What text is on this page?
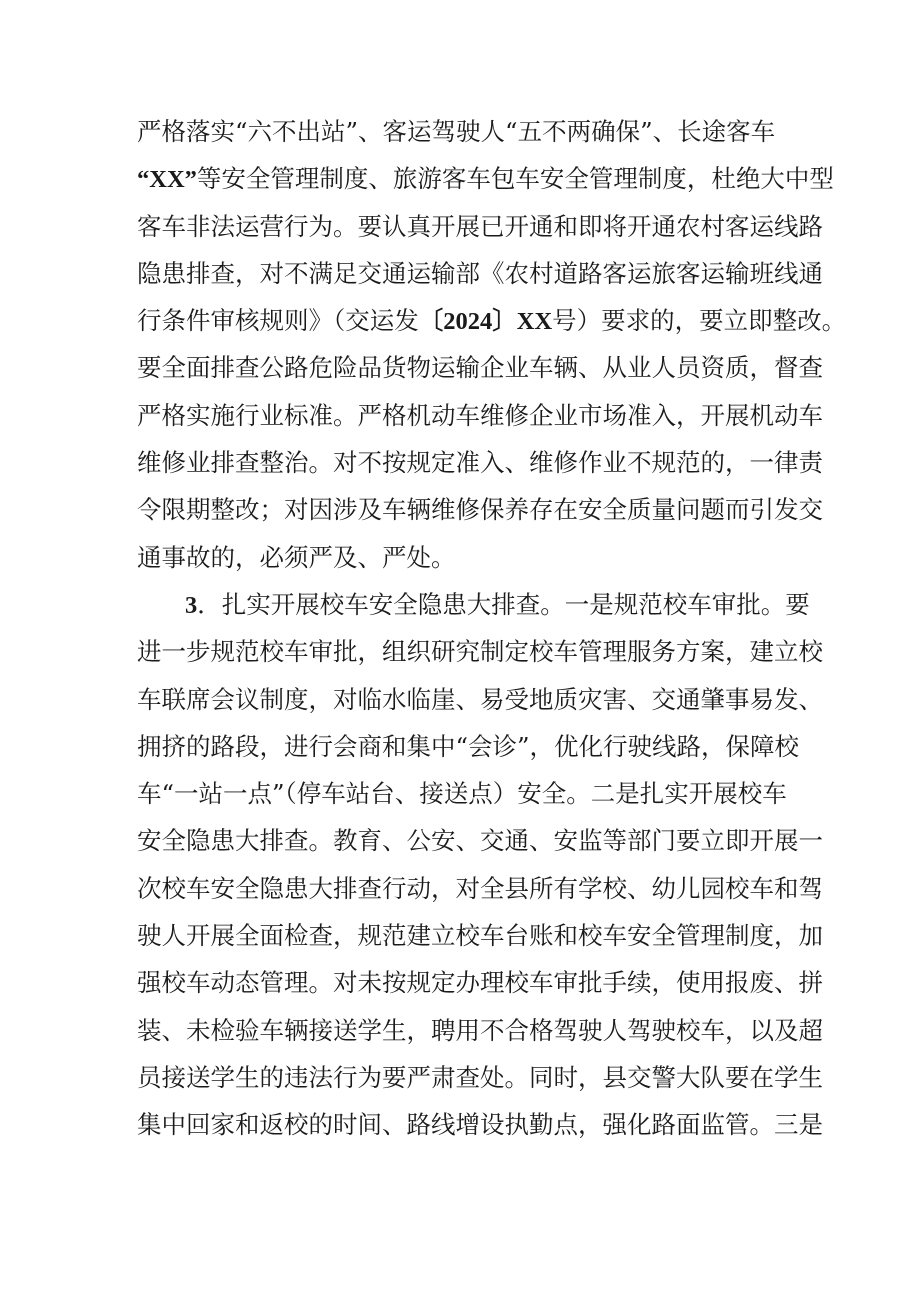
严格落实“六不出站”、客运驾驶人“五不两确保”、长途客车
“XX”等安全管理制度、旅游客车包车安全管理制度，杜绝大中型
客车非法运营行为。要认真开展已开通和即将开通农村客运线路
隐患排查，对不满足交通运输部《农村道路客运旅客运输班线通
行条件审核规则》（交运发〔2024〕XX号）要求的，要立即整改。
要全面排查公路危险品货物运输企业车辆、从业人员资质，督查
严格实施行业标准。严格机动车维修企业市场准入，开展机动车
维修业排查整治。对不按规定准入、维修作业不规范的，一律责
令限期整改；对因涉及车辆维修保养存在安全质量问题而引发交
通事故的，必须严及、严处。
3．扎实开展校车安全隐患大排查。一是规范校车审批。要
进一步规范校车审批，组织研究制定校车管理服务方案，建立校
车联席会议制度，对临水临崖、易受地质灾害、交通肇事易发、
拥挤的路段，进行会商和集中“会诊”，优化行驶线路，保障校
车“一站一点”（停车站台、接送点）安全。二是扎实开展校车
安全隐患大排查。教育、公安、交通、安监等部门要立即开展一
次校车安全隐患大排查行动，对全县所有学校、幼儿园校车和驾
驶人开展全面检查，规范建立校车台账和校车安全管理制度，加
强校车动态管理。对未按规定办理校车审批手续，使用报废、拼
装、未检验车辆接送学生，聘用不合格驾驶人驾驶校车，以及超
员接送学生的违法行为要严肃查处。同时，县交警大队要在学生
集中回家和返校的时间、路线增设执勤点，强化路面监管。三是
